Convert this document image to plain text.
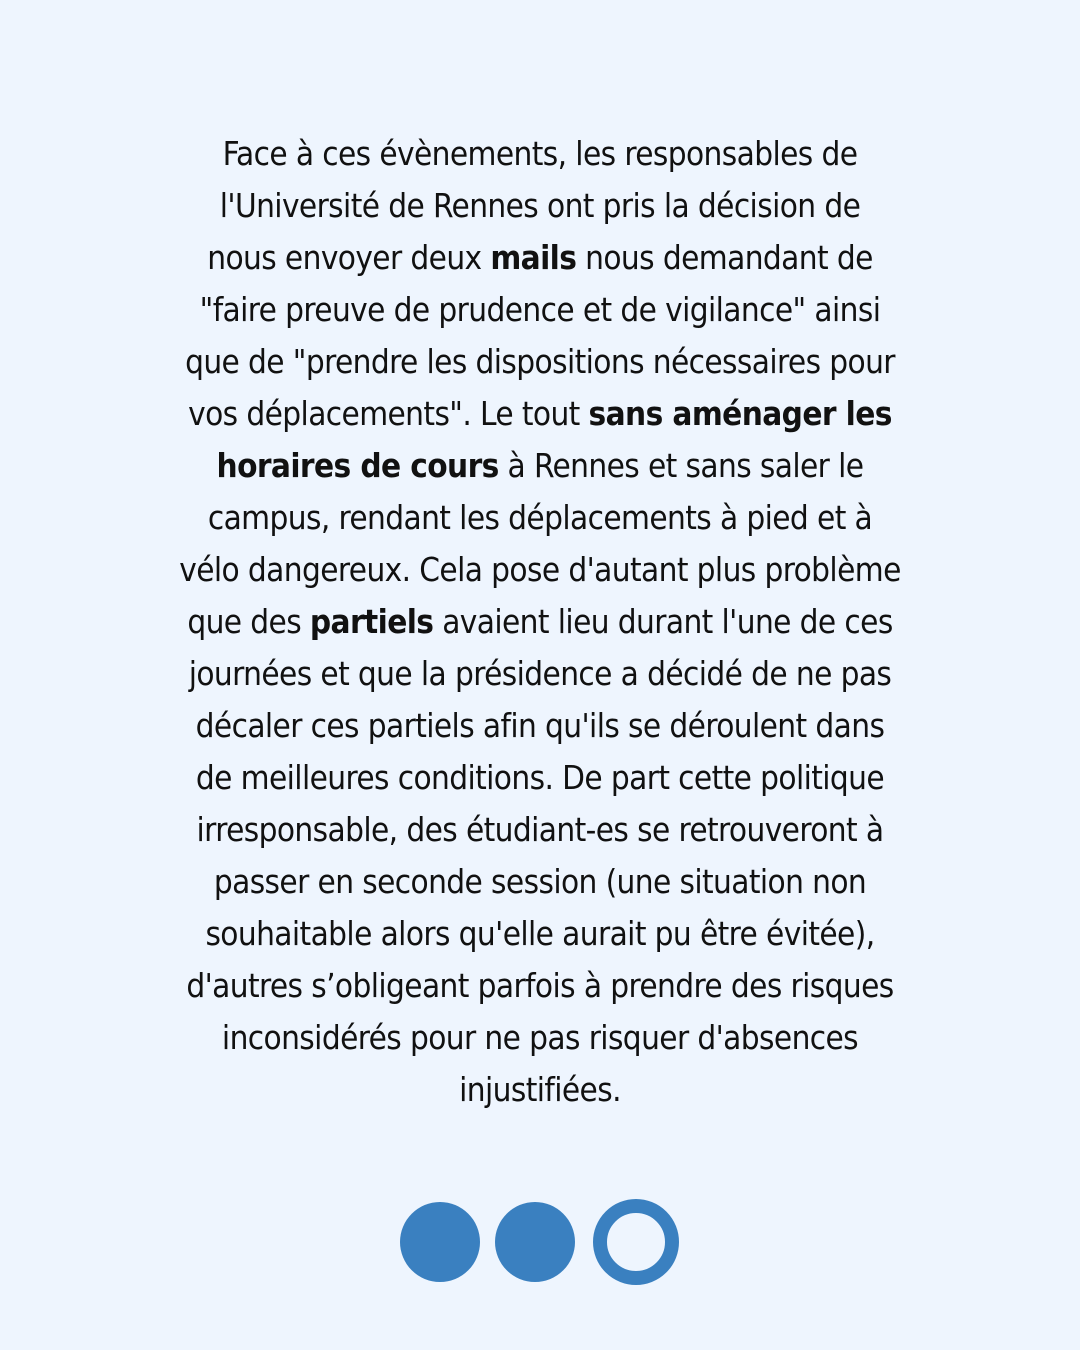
Face à ces évènements, les responsables de
l'Université de Rennes ont pris la décision de
nous envoyer deux mails nous demandant de
"faire preuve de prudence et de vigilance" ainsi
que de "prendre les dispositions nécessaires pour
vos déplacements". Le tout sans aménager les
horaires de cours à Rennes et sans saler le
campus, rendant les déplacements à pied et à
vélo dangereux. Cela pose d'autant plus problème
que des partiels avaient lieu durant l'une de ces
journées et que la présidence a décidé de ne pas
décaler ces partiels afin qu'ils se déroulent dans
de meilleures conditions. De part cette politique
irresponsable, des étudiant-es se retrouveront à
passer en seconde session (une situation non
souhaitable alors qu'elle aurait pu être évitée),
d'autres s’obligeant parfois à prendre des risques
inconsidérés pour ne pas risquer d'absences
injustifiées.
